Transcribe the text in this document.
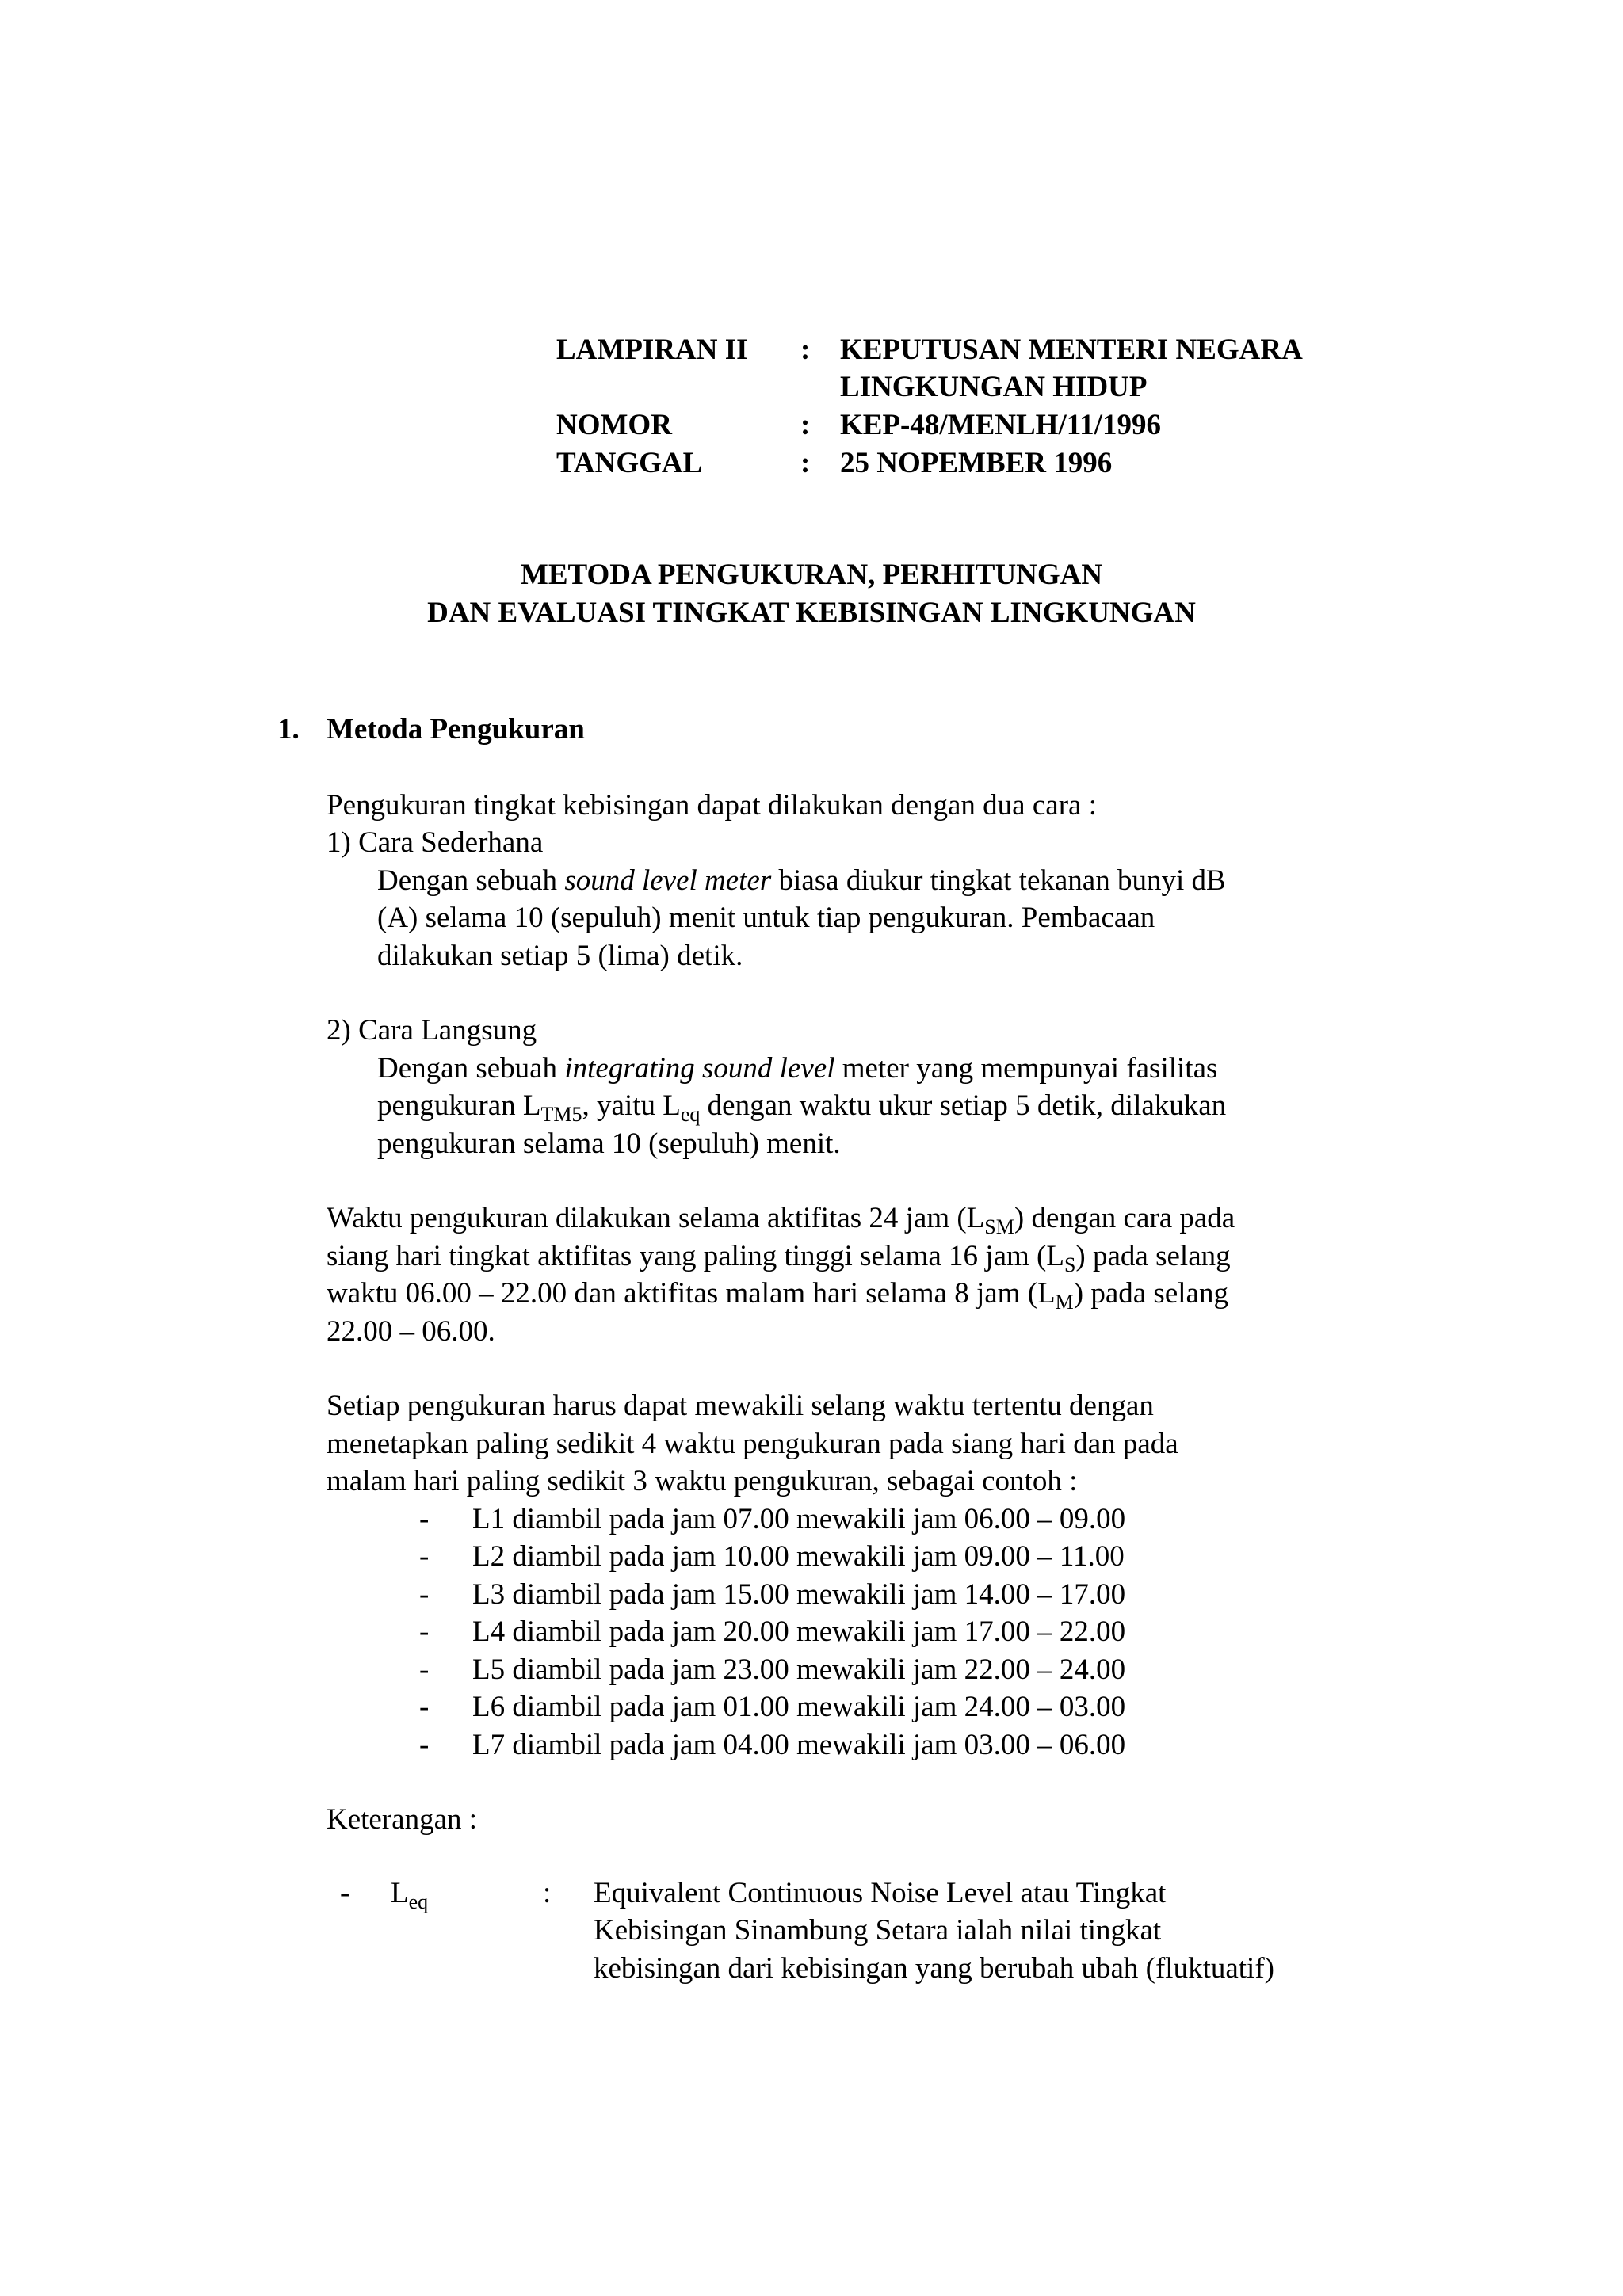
LAMPIRAN II : KEPUTUSAN MENTERI NEGARA
LINGKUNGAN HIDUP
NOMOR	: KEP-48/MENLH/11/1996
TANGGAL	: 25 NOPEMBER 1996
METODA PENGUKURAN, PERHITUNGAN
DAN EVALUASI TINGKAT KEBISINGAN LINGKUNGAN
1. Metoda Pengukuran
Pengukuran tingkat kebisingan dapat dilakukan dengan dua cara :
1) Cara Sederhana
Dengan sebuah sound level meter biasa diukur tingkat tekanan bunyi dB
(A) selama 10 (sepuluh) menit untuk tiap pengukuran. Pembacaan
dilakukan setiap 5 (lima) detik.
2) Cara Langsung
Dengan sebuah integrating sound level meter yang mempunyai fasilitas
pengukuran $L_{TM5}$, yaitu $L_{eq}$ dengan waktu ukur setiap 5 detik, dilakukan
pengukuran selama 10 (sepuluh) menit.
Waktu pengukuran dilakukan selama aktifitas 24 jam $(L_{SM})$ dengan cara pada
siang hari tingkat aktifitas yang paling tinggi selama 16 jam $(L_S)$ pada selang
waktu 06.00 – 22.00 dan aktifitas malam hari selama 8 jam $(L_M)$ pada selang
22.00 – 06.00.
Setiap pengukuran harus dapat mewakili selang waktu tertentu dengan
menetapkan paling sedikit 4 waktu pengukuran pada siang hari dan pada
malam hari paling sedikit 3 waktu pengukuran, sebagai contoh :
- L1 diambil pada jam 07.00 mewakili jam 06.00 – 09.00
- L2 diambil pada jam 10.00 mewakili jam 09.00 – 11.00
- L3 diambil pada jam 15.00 mewakili jam 14.00 – 17.00
- L4 diambil pada jam 20.00 mewakili jam 17.00 – 22.00
- L5 diambil pada jam 23.00 mewakili jam 22.00 – 24.00
- L6 diambil pada jam 01.00 mewakili jam 24.00 – 03.00
- L7 diambil pada jam 04.00 mewakili jam 03.00 – 06.00
Keterangan :
- $L_{eq}$	: Equivalent Continuous Noise Level atau Tingkat
Kebisingan Sinambung Setara ialah nilai tingkat
kebisingan dari kebisingan yang berubah ubah (fluktuatif)
